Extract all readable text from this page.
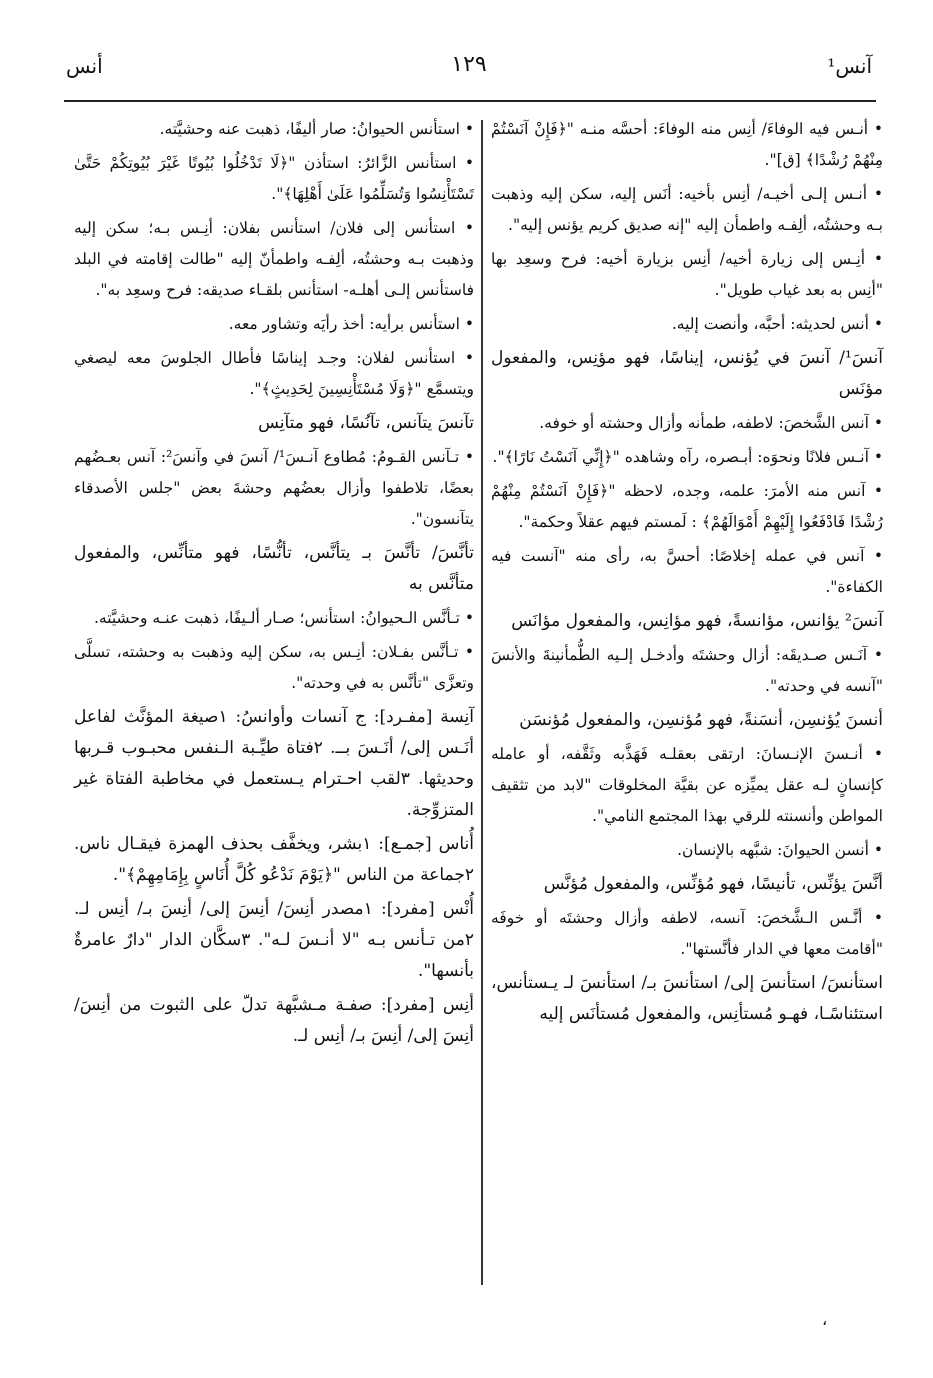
آنس¹
١٢٩
أنس

• أنـس فيه الوفاءَ/ أنِس منه الوفاءَ: أحسَّه منـه "﴿فَإِنْ آنَسْتُمْ مِنْهُمْ رُشْدًا﴾ [ق]".

• أنـس إلـى أخيـه/ أنِس بأخيه: أنَس إليه، سكن إليه وذهبت بـه وحشتُه، ألِفـه واطمأن إليه "إنه صديق كريم يؤنس إليه".

• أنِـس إلى زيارة أخيه/ أنِس بزيارة أخيه: فرح وسعِد بها "أنِس به بعد غياب طويل".

• أنس لحديثه: أحبَّه، وأنصت إليه.

آنسَ¹/ آنسَ في يُؤنس، إيناسًا، فهو مؤنِس، والمفعول مؤنَس

• آنس الشَّخصَ: لاطفه، طمأنه وأزال وحشته أو خوفه.

• آنـس فلانًا ونحوَه: أبـصره، رآه وشاهده "﴿إِنِّي آنَسْتُ نَارًا﴾".

• آنس منه الأمرَ: علمه، وجده، لاحظه "﴿فَإِنْ آنَسْتُمْ مِنْهُمْ رُشْدًا فَادْفَعُوا إِلَيْهِمْ أَمْوَالَهُمْ﴾ : لَمستم فيهم عقلاً وحكمة".

• آنس في عمله إخلاصًا: أحسَّ به، رأى منه "آنست فيه الكفاءة".

آنسَ² يؤانس، مؤانسةً، فهو مؤانِس، والمفعول مؤانَس

• آنَـس صـديقَه: أزال وحشتَه وأدخـل إلـيه الطُّمأنينةَ والأنسَ "آنسه في وحدته".

أنسنَ يُؤنسِن، أنسَنةً، فهو مُؤنسِن، والمفعول مُؤنسَن

• أنـسنَ الإنـسانَ: ارتقى بعقلـه فَهَذَّبه وثَقَّفه، أو عامله كإنسانٍ لـه عقل يميِّزه عن بقيَّة المخلوقات "لابد من تثقيف المواطن وأنسنته للرقي بهذا المجتمع النامي".

• أنسن الحيوانَ: شبَّهه بالإنسان.

أنَّسَ يؤنِّس، تأنيسًا، فهو مُؤنِّس، والمفعول مُؤنَّس

• أنَّـس الـشَّخصَ: آنسه، لاطفه وأزال وحشتَه أو خوفَه "أقامت معها في الدار فأنَّستها".

استأنسَ/ استأنسَ إلى/ استأنسَ بـ/ استأنسَ لـ يـستأنس، استئناسًـا، فهـو مُستأنِس، والمفعول مُستأنَس إليه

• استأنس الحيوانُ: صار أليفًا، ذهبت عنه وحشيَّته.

• استأنس الزَّائرُ: استأذن "﴿لَا تَدْخُلُوا بُيُوتًا غَيْرَ بُيُوتِكُمْ حَتَّىٰ تَسْتَأْنِسُوا وَتُسَلِّمُوا عَلَىٰ أَهْلِهَا﴾".

• استأنس إلى فلان/ استأنس بفلان: أنِـس بـه؛ سكن إليه وذهبت بـه وحشتُه، ألِفـه واطمأنّ إليه "طالت إقامته في البلد فاستأنس إلـى أهلـه- استأنس بلقـاء صديقه: فرح وسعِد به".

• استأنس برأيه: أخذ رأيَه وتشاور معه.

• استأنس لفلان: وجـد إيناسًا فأطال الجلوسَ معه ليصغي ويتسمَّع "﴿وَلَا مُسْتَأْنِسِينَ لِحَدِيثٍ﴾".

تآنسَ يتآنس، تآنُسًا، فهو متآنِس

• تـآنس القـومُ: مُطاوع آنـسَ¹/ آنسَ في وآنسَ²: آنس بعـضُهم بعضًا، تلاطفوا وأزال بعضُهم وحشةَ بعض "جلس الأصدقاء يتآنسون".

تأنَّسَ/ تأنَّسَ بـ يتأنَّس، تأنُّسًا، فهو متأنِّس، والمفعول متأنَّس به

• تـأنَّس الـحيوانُ: استأنس؛ صـار ألـيفًا، ذهبت عنـه وحشيَّته.

• تـأنَّس بفـلان: أنِـس به، سكن إليه وذهبت به وحشته، تسلَّى وتعزَّى "تأنَّس به في وحدته".

آنِسة [مفـرد]: ج آنسات وأوانسُ: ١صيغة المؤنَّث لفاعل أنَـس إلى/ أنَـسَ بــ. ٢فتاة طيِّـبة الـنفس محبـوب قـربها وحديثها. ٣لقب احـترام يـستعمل في مخاطبة الفتاة غير المتزوِّجة.

أُناس [جمـع]: ١بشر، ويخفَّف بحذف الهمزة فيقـال ناس. ٢جماعة من الناس "﴿يَوْمَ نَدْعُو كُلَّ أُنَاسٍ بِإِمَامِهِمْ﴾".

أُنْس [مفرد]: ١مصدر أنِسَ/ أنِسَ إلى/ أنِسَ بـ/ أنِس لـ. ٢من تـأنس بـه "لا أنـسَ لـه". ٣سكَّان الدار "دارٌ عامرةٌ بأنسها".

أنِس [مفرد]: صفـة مـشبَّهة تدلّ على الثبوت من أنِسَ/ أنِسَ إلى/ أنِسَ بـ/ أنِس لـ.

،
